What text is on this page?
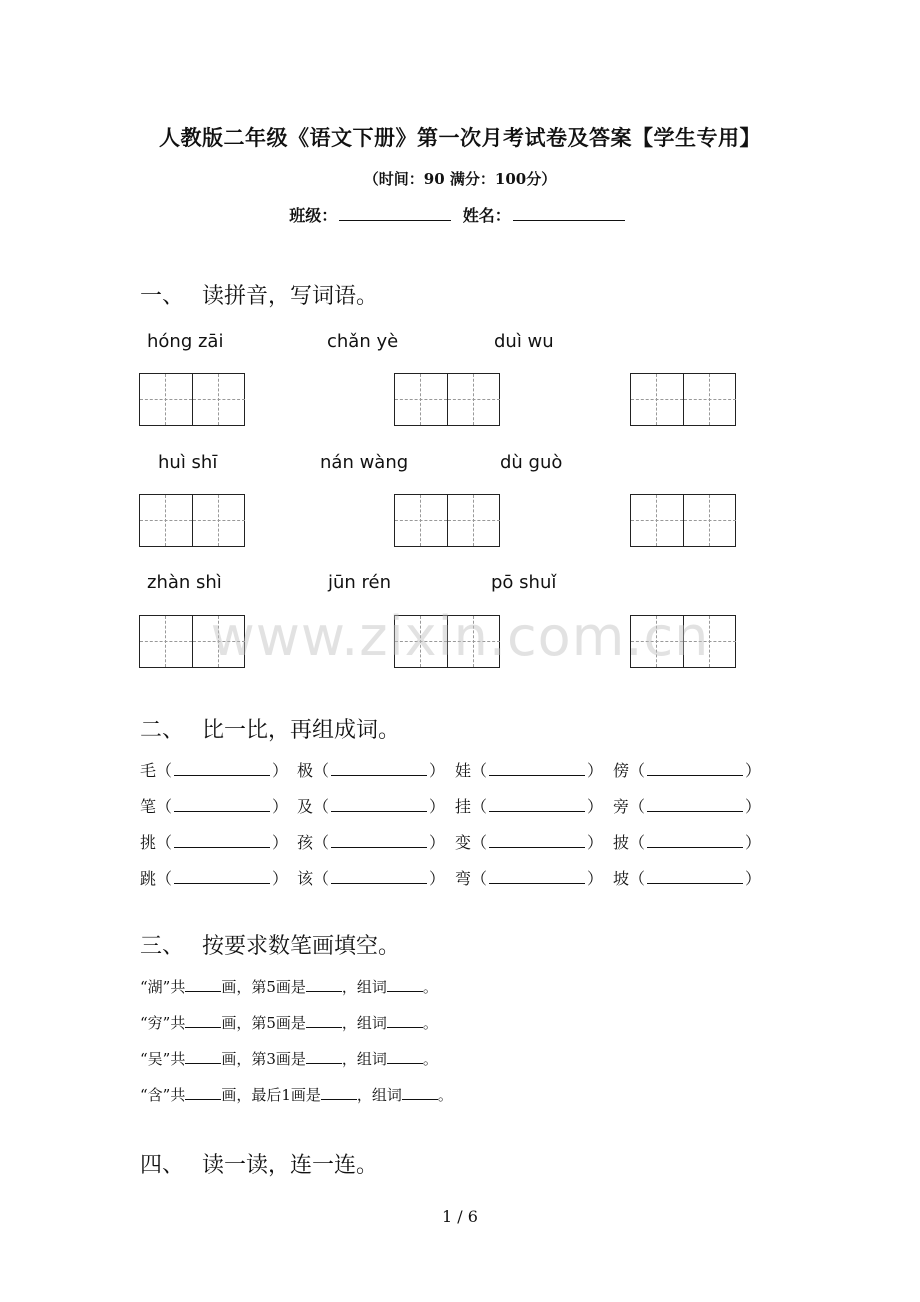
人教版二年级《语文下册》第一次月考试卷及答案【学生专用】
（时间：90 满分：100分）
班级：	姓名：
一、 读拼音，写词语。
hóng zāi	chǎn yè	duì wu
huì shī	nán wàng	dù guò
zhàn shì	jūn rén	pō shuǐ
二、 比一比，再组成词。
毛（	） 极（	） 娃（	） 傍（	）
笔（	） 及（	） 挂（	） 旁（	）
挑（	） 孩（	） 变（	） 披（	）
跳（	） 该（	） 弯（	） 坡（	）
三、 按要求数笔画填空。
“湖”共 画，第5画是 ，组词 。
“穷”共 画，第5画是 ，组词 。
“吴”共 画，第3画是 ，组词 。
“含”共 画，最后1画是 ，组词 。
四、 读一读，连一连。
www.zixin.com.cn
1 / 6
